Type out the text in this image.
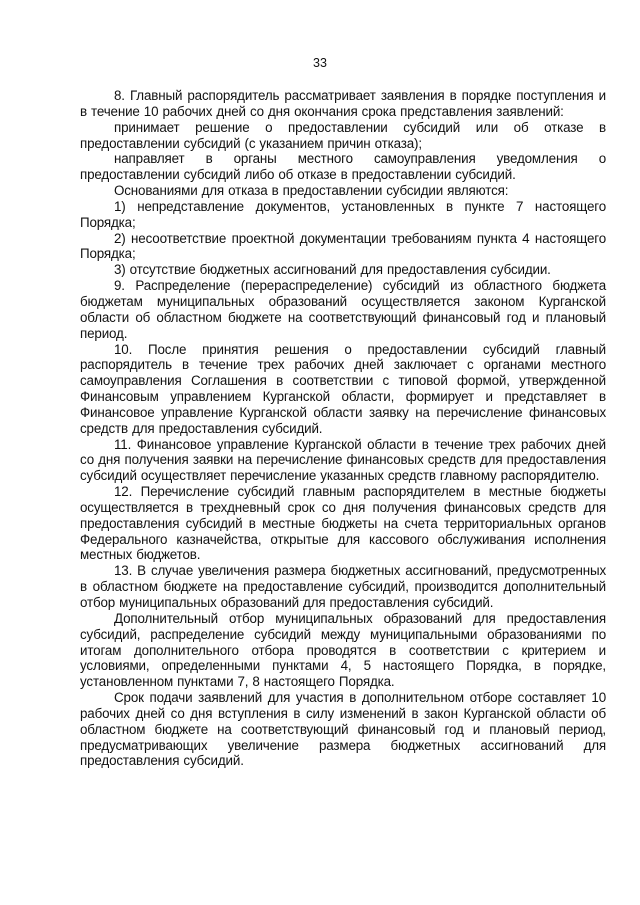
33

8. Главный распорядитель рассматривает заявления в порядке поступления и в течение 10 рабочих дней со дня окончания срока представления заявлений:

принимает решение о предоставлении субсидий или об отказе в предоставлении субсидий (с указанием причин отказа);

направляет в органы местного самоуправления уведомления о предоставлении субсидий либо об отказе в предоставлении субсидий.

Основаниями для отказа в предоставлении субсидии являются:

1) непредставление документов, установленных в пункте 7 настоящего Порядка;

2) несоответствие проектной документации требованиям пункта 4 настоящего Порядка;

3) отсутствие бюджетных ассигнований для предоставления субсидии.

9. Распределение (перераспределение) субсидий из областного бюджета бюджетам муниципальных образований осуществляется законом Курганской области об областном бюджете на соответствующий финансовый год и плановый период.

10. После принятия решения о предоставлении субсидий главный распорядитель в течение трех рабочих дней заключает с органами местного самоуправления Соглашения в соответствии с типовой формой, утвержденной Финансовым управлением Курганской области, формирует и представляет в Финансовое управление Курганской области заявку на перечисление финансовых средств для предоставления субсидий.

11. Финансовое управление Курганской области в течение трех рабочих дней со дня получения заявки на перечисление финансовых средств для предоставления субсидий осуществляет перечисление указанных средств главному распорядителю.

12. Перечисление субсидий главным распорядителем в местные бюджеты осуществляется в трехдневный срок со дня получения финансовых средств для предоставления субсидий в местные бюджеты на счета территориальных органов Федерального казначейства, открытые для кассового обслуживания исполнения местных бюджетов.

13. В случае увеличения размера бюджетных ассигнований, предусмотренных в областном бюджете на предоставление субсидий, производится дополнительный отбор муниципальных образований для предоставления субсидий.

Дополнительный отбор муниципальных образований для предоставления субсидий, распределение субсидий между муниципальными образованиями по итогам дополнительного отбора проводятся в соответствии с критерием и условиями, определенными пунктами 4, 5 настоящего Порядка, в порядке, установленном пунктами 7, 8 настоящего Порядка.

Срок подачи заявлений для участия в дополнительном отборе составляет 10 рабочих дней со дня вступления в силу изменений в закон Курганской области об областном бюджете на соответствующий финансовый год и плановый период, предусматривающих увеличение размера бюджетных ассигнований для предоставления субсидий.
